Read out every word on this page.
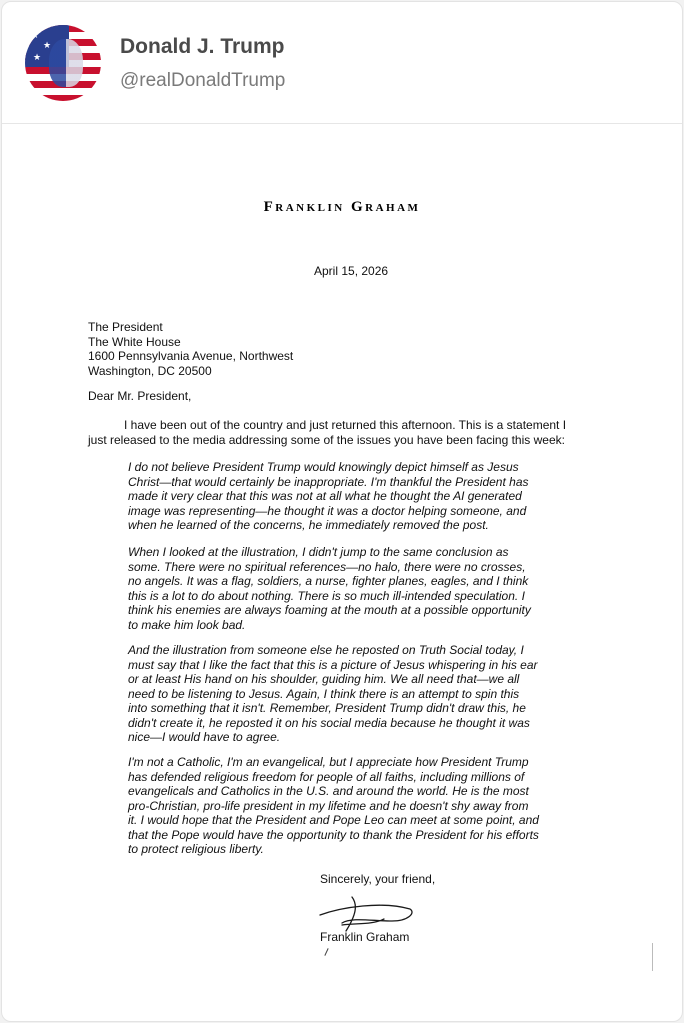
★
★
★	Donald J. Trump
@realDonaldTrump
Franklin Graham
April 15, 2026
The President
The White House
1600 Pennsylvania Avenue, Northwest
Washington, DC 20500
Dear Mr. President,
I have been out of the country and just returned this afternoon. This is a statement I
just released to the media addressing some of the issues you have been facing this week:
I do not believe President Trump would knowingly depict himself as Jesus
Christ—that would certainly be inappropriate. I'm thankful the President has
made it very clear that this was not at all what he thought the AI generated
image was representing—he thought it was a doctor helping someone, and
when he learned of the concerns, he immediately removed the post.
When I looked at the illustration, I didn't jump to the same conclusion as
some. There were no spiritual references—no halo, there were no crosses,
no angels. It was a flag, soldiers, a nurse, fighter planes, eagles, and I think
this is a lot to do about nothing. There is so much ill-intended speculation. I
think his enemies are always foaming at the mouth at a possible opportunity
to make him look bad.
And the illustration from someone else he reposted on Truth Social today, I
must say that I like the fact that this is a picture of Jesus whispering in his ear
or at least His hand on his shoulder, guiding him. We all need that—we all
need to be listening to Jesus. Again, I think there is an attempt to spin this
into something that it isn't. Remember, President Trump didn't draw this, he
didn't create it, he reposted it on his social media because he thought it was
nice—I would have to agree.
I'm not a Catholic, I'm an evangelical, but I appreciate how President Trump
has defended religious freedom for people of all faiths, including millions of
evangelicals and Catholics in the U.S. and around the world. He is the most
pro-Christian, pro-life president in my lifetime and he doesn't shy away from
it. I would hope that the President and Pope Leo can meet at some point, and
that the Pope would have the opportunity to thank the President for his efforts
to protect religious liberty.
Sincerely, your friend,
Franklin Graham
